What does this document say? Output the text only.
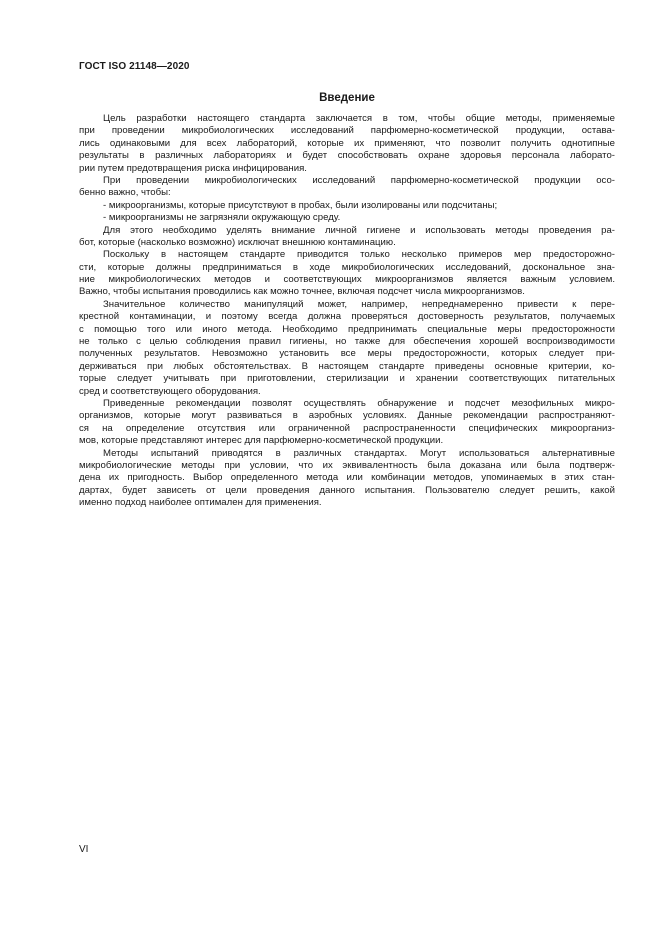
ГОСТ ISO 21148—2020
Введение
Цель разработки настоящего стандарта заключается в том, чтобы общие методы, применяемые
при проведении микробиологических исследований парфюмерно-косметической продукции, остава-
лись одинаковыми для всех лабораторий, которые их применяют, что позволит получить однотипные
результаты в различных лабораториях и будет способствовать охране здоровья персонала лаборато-
рии путем предотвращения риска инфицирования.
При проведении микробиологических исследований парфюмерно-косметической продукции осо-
бенно важно, чтобы:
- микроорганизмы, которые присутствуют в пробах, были изолированы или подсчитаны;
- микроорганизмы не загрязняли окружающую среду.
Для этого необходимо уделять внимание личной гигиене и использовать методы проведения ра-
бот, которые (насколько возможно) исключат внешнюю контаминацию.
Поскольку в настоящем стандарте приводится только несколько примеров мер предосторожно-
сти, которые должны предприниматься в ходе микробиологических исследований, доскональное зна-
ние микробиологических методов и соответствующих микроорганизмов является важным условием.
Важно, чтобы испытания проводились как можно точнее, включая подсчет числа микроорганизмов.
Значительное количество манипуляций может, например, непреднамеренно привести к пере-
крестной контаминации, и поэтому всегда должна проверяться достоверность результатов, получаемых
с помощью того или иного метода. Необходимо предпринимать специальные меры предосторожности
не только с целью соблюдения правил гигиены, но также для обеспечения хорошей воспроизводимости
полученных результатов. Невозможно установить все меры предосторожности, которых следует при-
держиваться при любых обстоятельствах. В настоящем стандарте приведены основные критерии, ко-
торые следует учитывать при приготовлении, стерилизации и хранении соответствующих питательных
сред и соответствующего оборудования.
Приведенные рекомендации позволят осуществлять обнаружение и подсчет мезофильных микро-
организмов, которые могут развиваться в аэробных условиях. Данные рекомендации распространяют-
ся на определение отсутствия или ограниченной распространенности специфических микроорганиз-
мов, которые представляют интерес для парфюмерно-косметической продукции.
Методы испытаний приводятся в различных стандартах. Могут использоваться альтернативные
микробиологические методы при условии, что их эквивалентность была доказана или была подтверж-
дена их пригодность. Выбор определенного метода или комбинации методов, упоминаемых в этих стан-
дартах, будет зависеть от цели проведения данного испытания. Пользователю следует решить, какой
именно подход наиболее оптимален для применения.
VI
